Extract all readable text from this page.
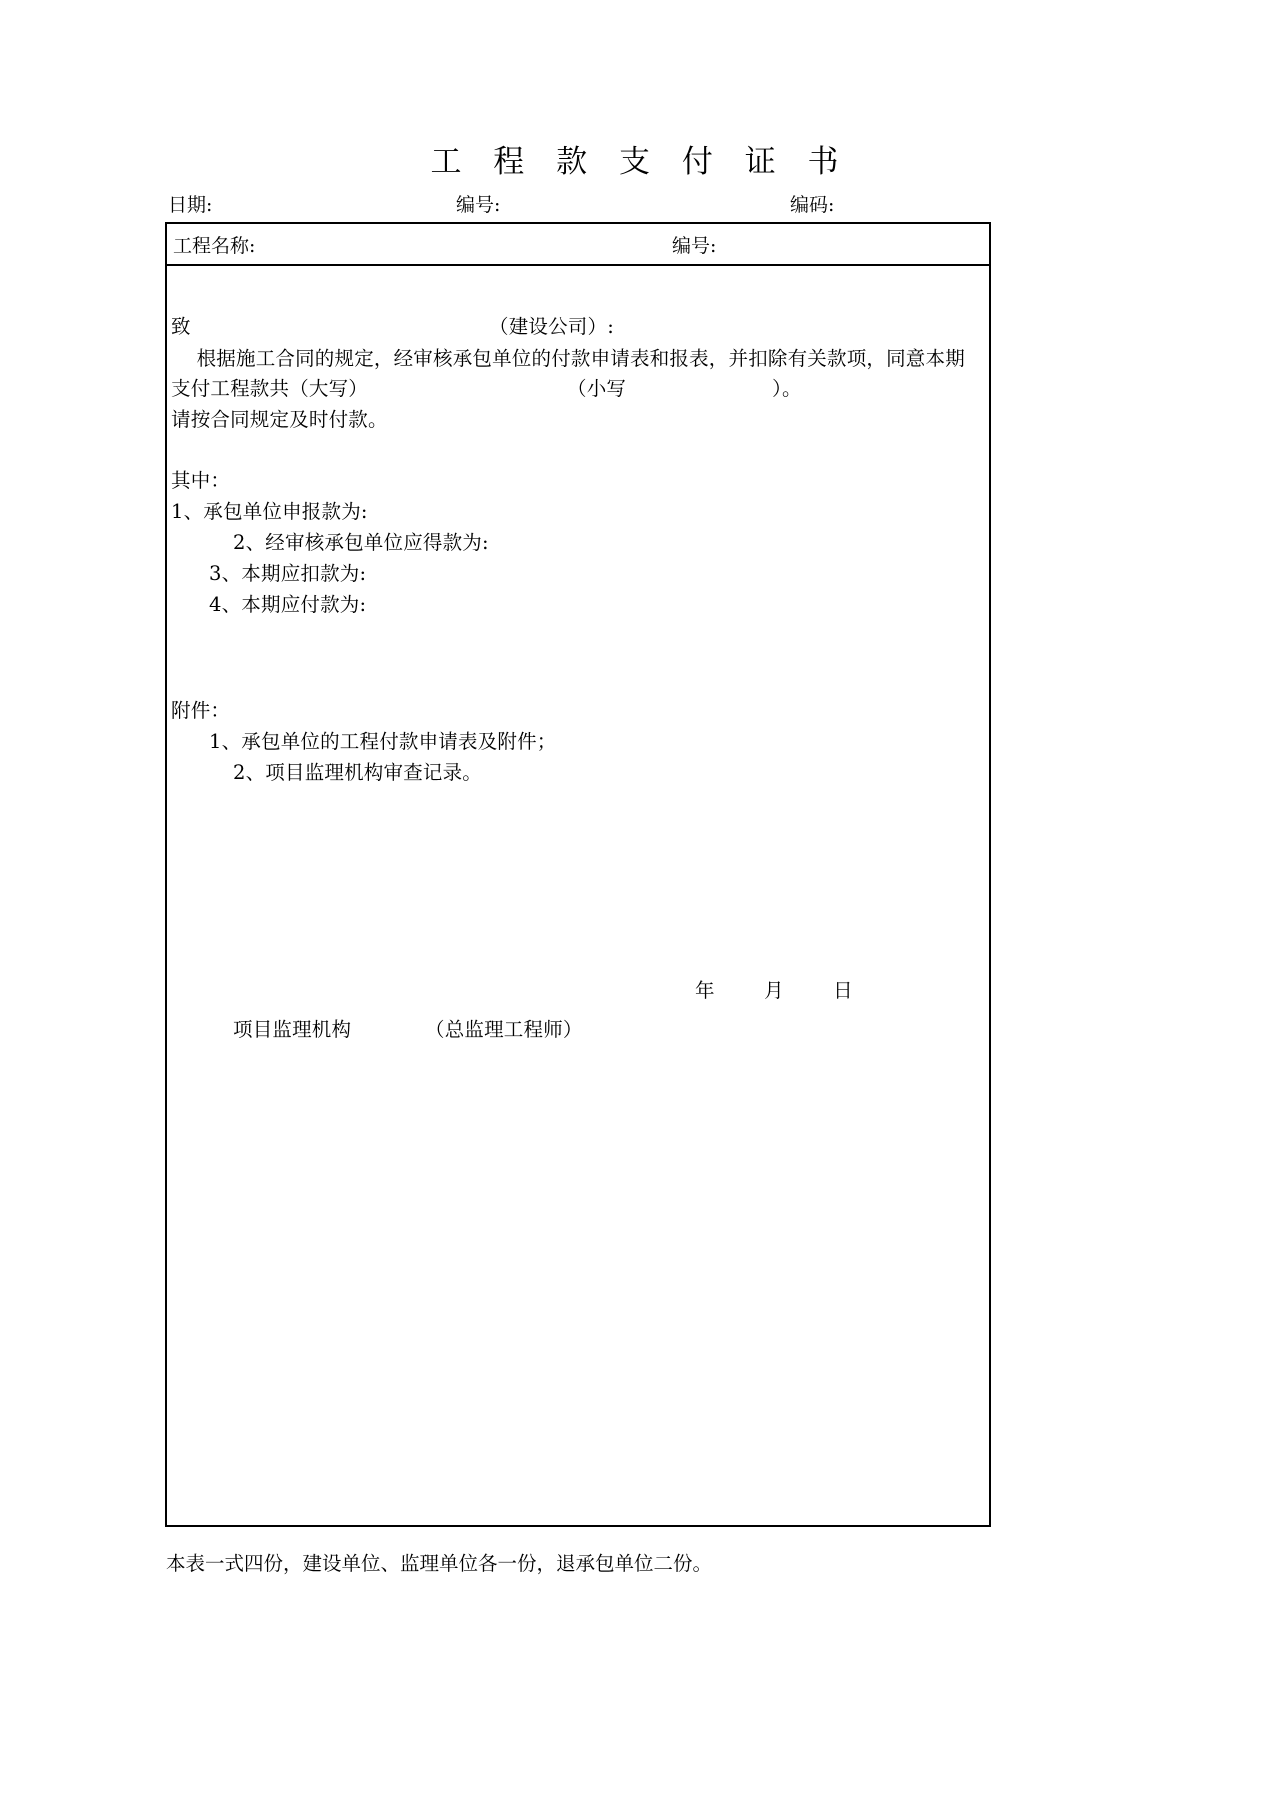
工 程 款 支 付 证 书
日期:	编号:	编码:
工程名称:	编号:
致	（建设公司）:
根据施工合同的规定，经审核承包单位的付款申请表和报表，并扣除有关款项，同意本期
支付工程款共（大写）	（小写	）。
请按合同规定及时付款。
其中：
1、承包单位申报款为:
2、经审核承包单位应得款为:
3、本期应扣款为:
4、本期应付款为:
附件：
1、承包单位的工程付款申请表及附件；
2、项目监理机构审查记录。
年        月        日
项目监理机构	（总监理工程师）
本表一式四份，建设单位、监理单位各一份，退承包单位二份。
